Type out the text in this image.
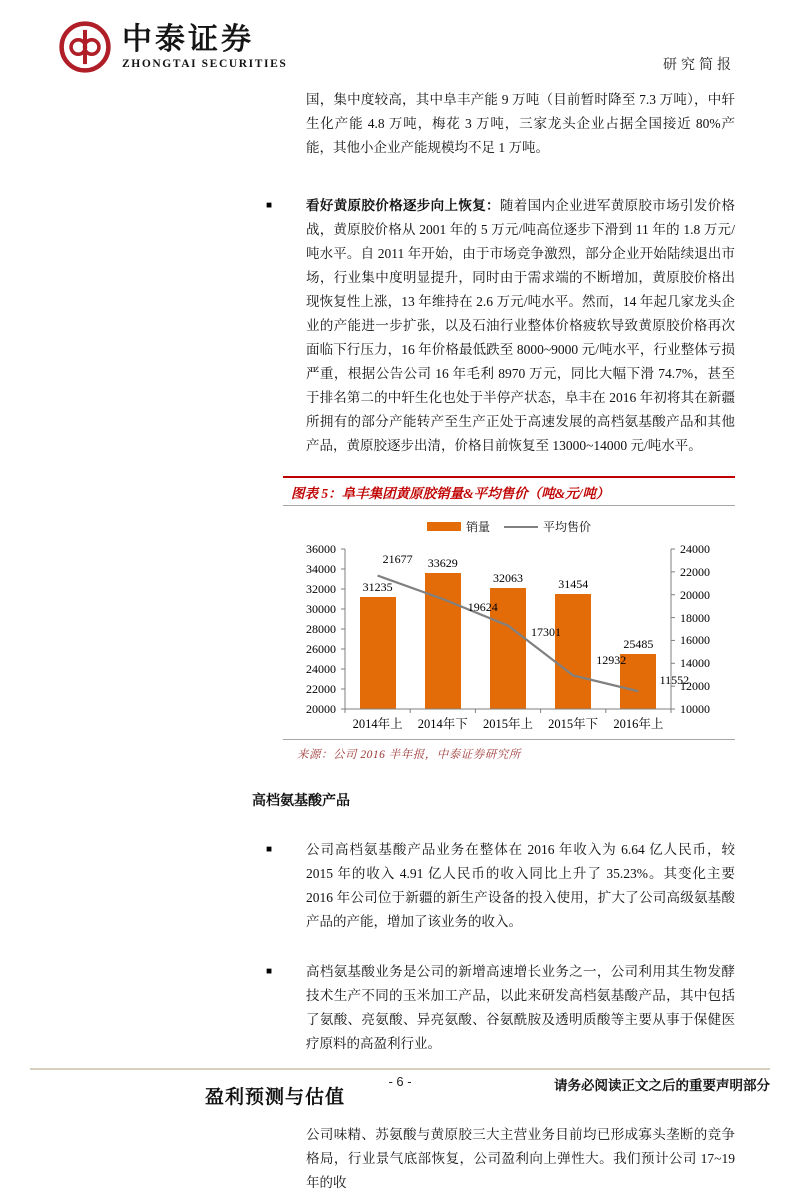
中泰证券
ZHONGTAI SECURITIES	研究简报
国，集中度较高，其中阜丰产能 9 万吨（目前暂时降至 7.3 万吨），中轩生化产能 4.8 万吨，梅花 3 万吨，三家龙头企业占据全国接近 80%产能，其他小企业产能规模均不足 1 万吨。
■	看好黄原胶价格逐步向上恢复：随着国内企业进军黄原胶市场引发价格战，黄原胶价格从 2001 年的 5 万元/吨高位逐步下滑到 11 年的 1.8 万元/吨水平。自 2011 年开始，由于市场竞争激烈，部分企业开始陆续退出市场，行业集中度明显提升，同时由于需求端的不断增加，黄原胶价格出现恢复性上涨，13 年维持在 2.6 万元/吨水平。然而，14 年起几家龙头企业的产能进一步扩张，以及石油行业整体价格疲软导致黄原胶价格再次面临下行压力，16 年价格最低跌至 8000~9000 元/吨水平，行业整体亏损严重，根据公告公司 16 年毛利 8970 万元，同比大幅下滑 74.7%，甚至于排名第二的中轩生化也处于半停产状态，阜丰在 2016 年初将其在新疆所拥有的部分产能转产至生产正处于高速发展的高档氨基酸产品和其他产品，黄原胶逐步出清，价格目前恢复至 13000~14000 元/吨水平。
图表 5：阜丰集团黄原胶销量&平均售价（吨&元/吨）
销量	平均售价
36000
34000
32000
30000
28000
26000
24000
22000
20000
24000
22000
20000
18000
16000
14000
12000
10000
31235
33629
32063	31454
25485
2014年上	2014年下	2015年上	2015年下	2016年上
21677
19624
17301
12932
11552
来源：公司 2016 半年报，中泰证券研究所
高档氨基酸产品
■	公司高档氨基酸产品业务在整体在 2016 年收入为 6.64 亿人民币，较 2015 年的收入 4.91 亿人民币的收入同比上升了 35.23%。其变化主要 2016 年公司位于新疆的新生产设备的投入使用，扩大了公司高级氨基酸产品的产能，增加了该业务的收入。
■	高档氨基酸业务是公司的新增高速增长业务之一，公司利用其生物发酵技术生产不同的玉米加工产品，以此来研发高档氨基酸产品，其中包括了氨酸、亮氨酸、异亮氨酸、谷氨酰胺及透明质酸等主要从事于保健医疗原料的高盈利行业。
盈利预测与估值
公司味精、苏氨酸与黄原胶三大主营业务目前均已形成寡头垄断的竞争格局，行业景气底部恢复，公司盈利向上弹性大。我们预计公司 17~19 年的收
- 6 -	请务必阅读正文之后的重要声明部分
